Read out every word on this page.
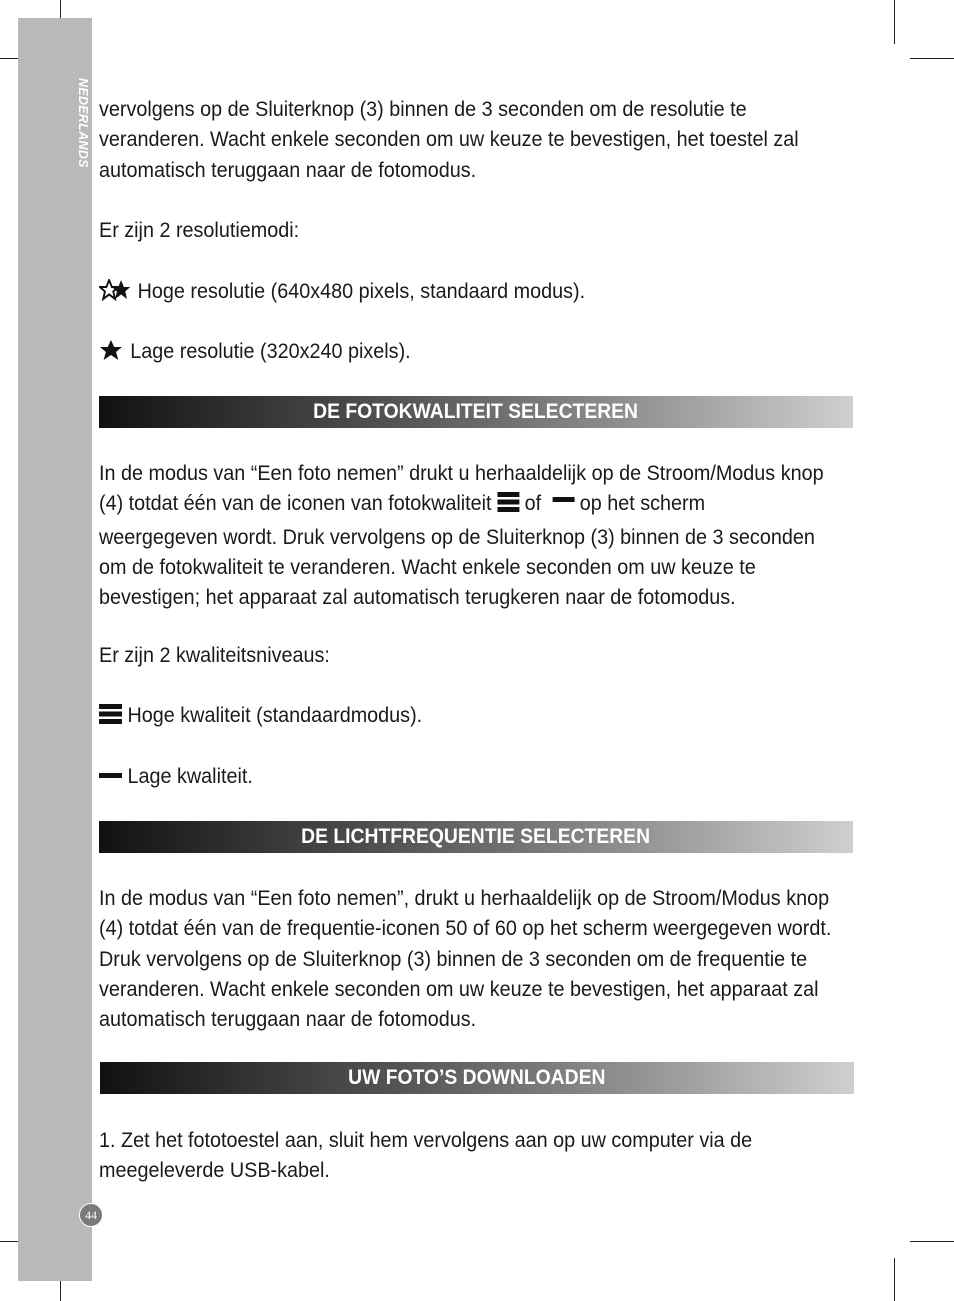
NEDERLANDS
44
vervolgens op de Sluiterknop (3) binnen de 3 seconden om de resolutie te
veranderen. Wacht enkele seconden om uw keuze te bevestigen, het toestel zal
automatisch teruggaan naar de fotomodus.
Er zijn 2 resolutiemodi:
Hoge resolutie (640x480 pixels, standaard modus).
Lage resolutie (320x240 pixels).
DE FOTOKWALITEIT SELECTEREN
In de modus van “Een foto nemen” drukt u herhaaldelijk op de Stroom/Modus knop
(4) totdat één van de iconen van fotokwaliteit of op het scherm
weergegeven wordt. Druk vervolgens op de Sluiterknop (3) binnen de 3 seconden
om de fotokwaliteit te veranderen. Wacht enkele seconden om uw keuze te
bevestigen; het apparaat zal automatisch terugkeren naar de fotomodus.
Er zijn 2 kwaliteitsniveaus:
Hoge kwaliteit (standaardmodus).
Lage kwaliteit.
DE LICHTFREQUENTIE SELECTEREN
In de modus van “Een foto nemen”, drukt u herhaaldelijk op de Stroom/Modus knop
(4) totdat één van de frequentie-iconen 50 of 60 op het scherm weergegeven wordt.
Druk vervolgens op de Sluiterknop (3) binnen de 3 seconden om de frequentie te
veranderen. Wacht enkele seconden om uw keuze te bevestigen, het apparaat zal
automatisch teruggaan naar de fotomodus.
UW FOTO’S DOWNLOADEN
1. Zet het fototoestel aan, sluit hem vervolgens aan op uw computer via de
meegeleverde USB-kabel.
